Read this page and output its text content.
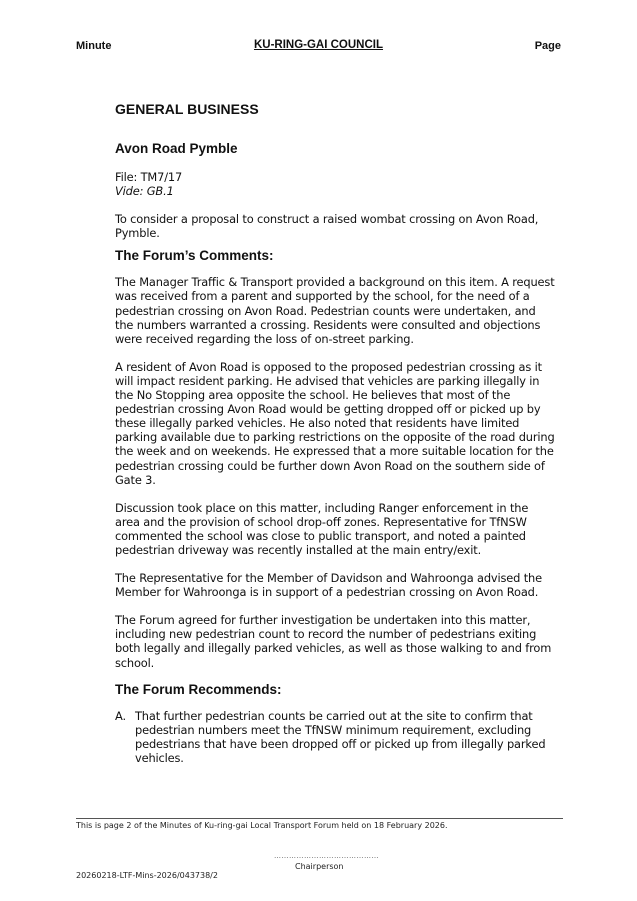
Minute	KU-RING-GAI COUNCIL	Page
GENERAL BUSINESS
Avon Road Pymble

File: TM7/17

Vide: GB.1

To consider a proposal to construct a raised wombat crossing on Avon Road, Pymble.

The Forum’s Comments:

The Manager Traffic & Transport provided a background on this item. A request was received from a parent and supported by the school, for the need of a pedestrian crossing on Avon Road. Pedestrian counts were undertaken, and the numbers warranted a crossing. Residents were consulted and objections were received regarding the loss of on-street parking.

A resident of Avon Road is opposed to the proposed pedestrian crossing as it will impact resident parking. He advised that vehicles are parking illegally in the No Stopping area opposite the school. He believes that most of the pedestrian crossing Avon Road would be getting dropped off or picked up by these illegally parked vehicles. He also noted that residents have limited parking available due to parking restrictions on the opposite of the road during the week and on weekends. He expressed that a more suitable location for the pedestrian crossing could be further down Avon Road on the southern side of Gate 3.

Discussion took place on this matter, including Ranger enforcement in the area and the provision of school drop-off zones. Representative for TfNSW commented the school was close to public transport, and noted a painted pedestrian driveway was recently installed at the main entry/exit.

The Representative for the Member of Davidson and Wahroonga advised the Member for Wahroonga is in support of a pedestrian crossing on Avon Road.

The Forum agreed for further investigation be undertaken into this matter, including new pedestrian count to record the number of pedestrians exiting both legally and illegally parked vehicles, as well as those walking to and from school.

The Forum Recommends:
A. That further pedestrian counts be carried out at the site to confirm that pedestrian numbers meet the TfNSW minimum requirement, excluding pedestrians that have been dropped off or picked up from illegally parked vehicles.
This is page 2 of the Minutes of Ku-ring-gai Local Transport Forum held on 18 February 2026.
……………………………………
Chairperson
20260218-LTF-Mins-2026/043738/2
